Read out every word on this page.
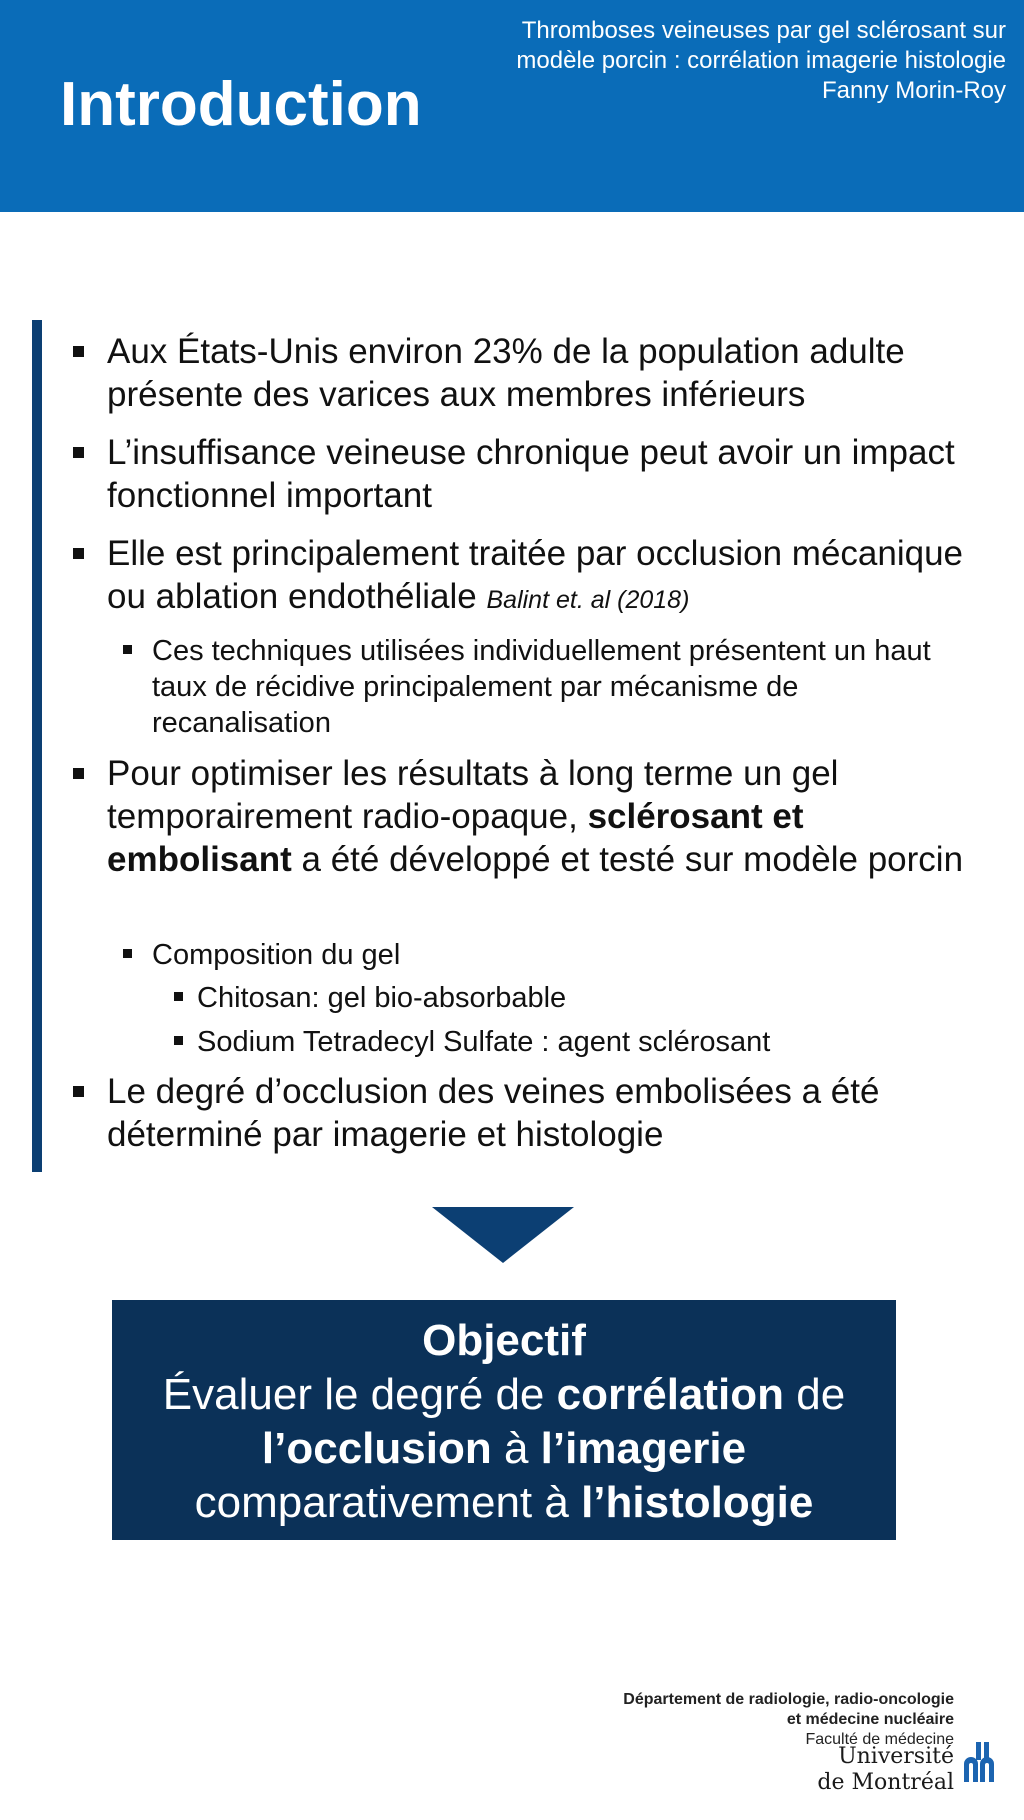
Introduction
Thromboses veineuses par gel sclérosant sur
modèle porcin : corrélation imagerie histologie
Fanny Morin-Roy
Aux États-Unis environ 23% de la population adulte présente des varices aux membres inférieurs
L’insuffisance veineuse chronique peut avoir un impact fonctionnel important
Elle est principalement traitée par occlusion mécanique ou ablation endothéliale Balint et. al (2018)
Ces techniques utilisées individuellement présentent un haut taux de récidive principalement par mécanisme de recanalisation
Pour optimiser les résultats à long terme un gel temporairement radio-opaque, sclérosant et embolisant a été développé et testé sur modèle porcin
Composition du gel
Chitosan: gel bio-absorbable
Sodium Tetradecyl Sulfate : agent sclérosant
Le degré d’occlusion des veines embolisées a été déterminé par imagerie et histologie
Objectif
Évaluer le degré de corrélation de
l’occlusion à l’imagerie
comparativement à l’histologie
Département de radiologie, radio-oncologie
et médecine nucléaire
Faculté de médecine
Université
de Montréal
